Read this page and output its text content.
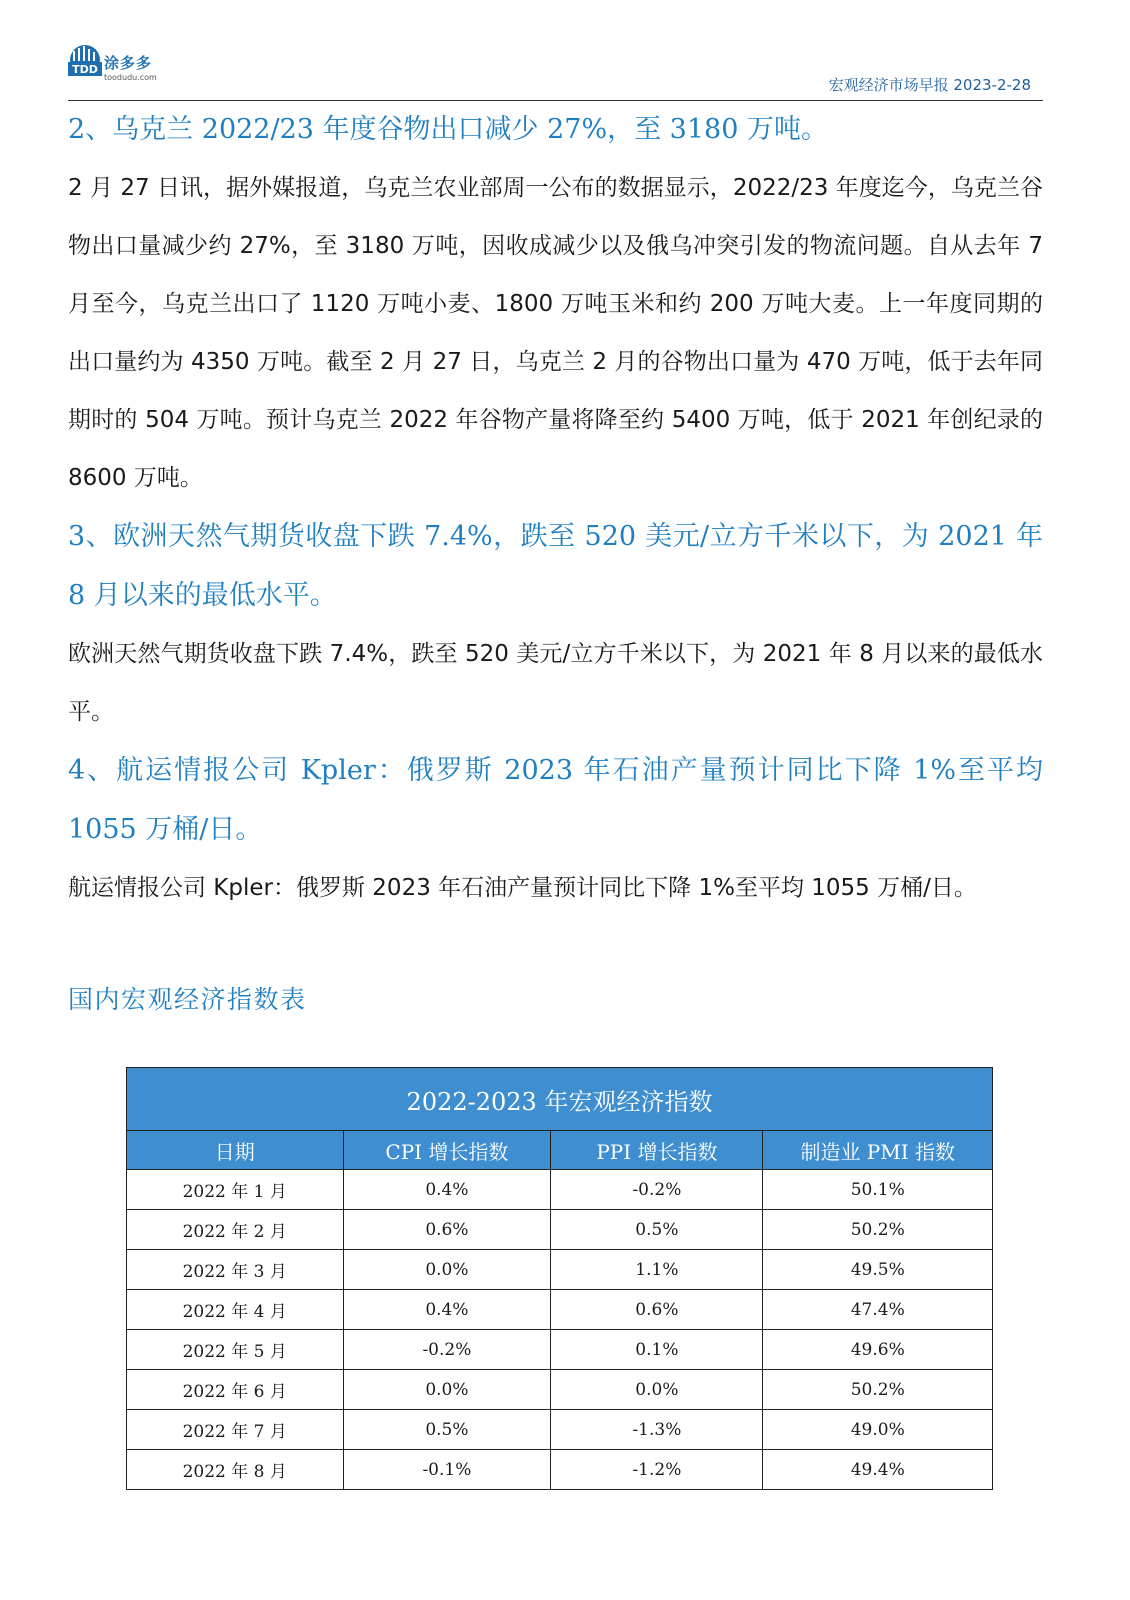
TDD 涂多多
toodudu.com	宏观经济市场早报 2023-2-28

2、乌克兰 2022/23 年度谷物出口减少 27%，至 3180 万吨。

2 月 27 日讯，据外媒报道，乌克兰农业部周一公布的数据显示，2022/23 年度迄今，乌克兰谷物出口量减少约 27%，至 3180 万吨，因收成减少以及俄乌冲突引发的物流问题。自从去年 7 月至今，乌克兰出口了 1120 万吨小麦、1800 万吨玉米和约 200 万吨大麦。上一年度同期的出口量约为 4350 万吨。截至 2 月 27 日，乌克兰 2 月的谷物出口量为 470 万吨，低于去年同期时的 504 万吨。预计乌克兰 2022 年谷物产量将降至约 5400 万吨，低于 2021 年创纪录的 8600 万吨。

3、欧洲天然气期货收盘下跌 7.4%，跌至 520 美元/立方千米以下，为 2021 年 8 月以来的最低水平。

欧洲天然气期货收盘下跌 7.4%，跌至 520 美元/立方千米以下，为 2021 年 8 月以来的最低水平。

4、航运情报公司 Kpler：俄罗斯 2023 年石油产量预计同比下降 1%至平均 1055 万桶/日。

航运情报公司 Kpler：俄罗斯 2023 年石油产量预计同比下降 1%至平均 1055 万桶/日。

国内宏观经济指数表
2022-2023 年宏观经济指数			
日期	CPI 增长指数	PPI 增长指数	制造业 PMI 指数
2022 年 1 月	0.4%	-0.2%	50.1%
2022 年 2 月	0.6%	0.5%	50.2%
2022 年 3 月	0.0%	1.1%	49.5%
2022 年 4 月	0.4%	0.6%	47.4%
2022 年 5 月	-0.2%	0.1%	49.6%
2022 年 6 月	0.0%	0.0%	50.2%
2022 年 7 月	0.5%	-1.3%	49.0%
2022 年 8 月	-0.1%	-1.2%	49.4%
